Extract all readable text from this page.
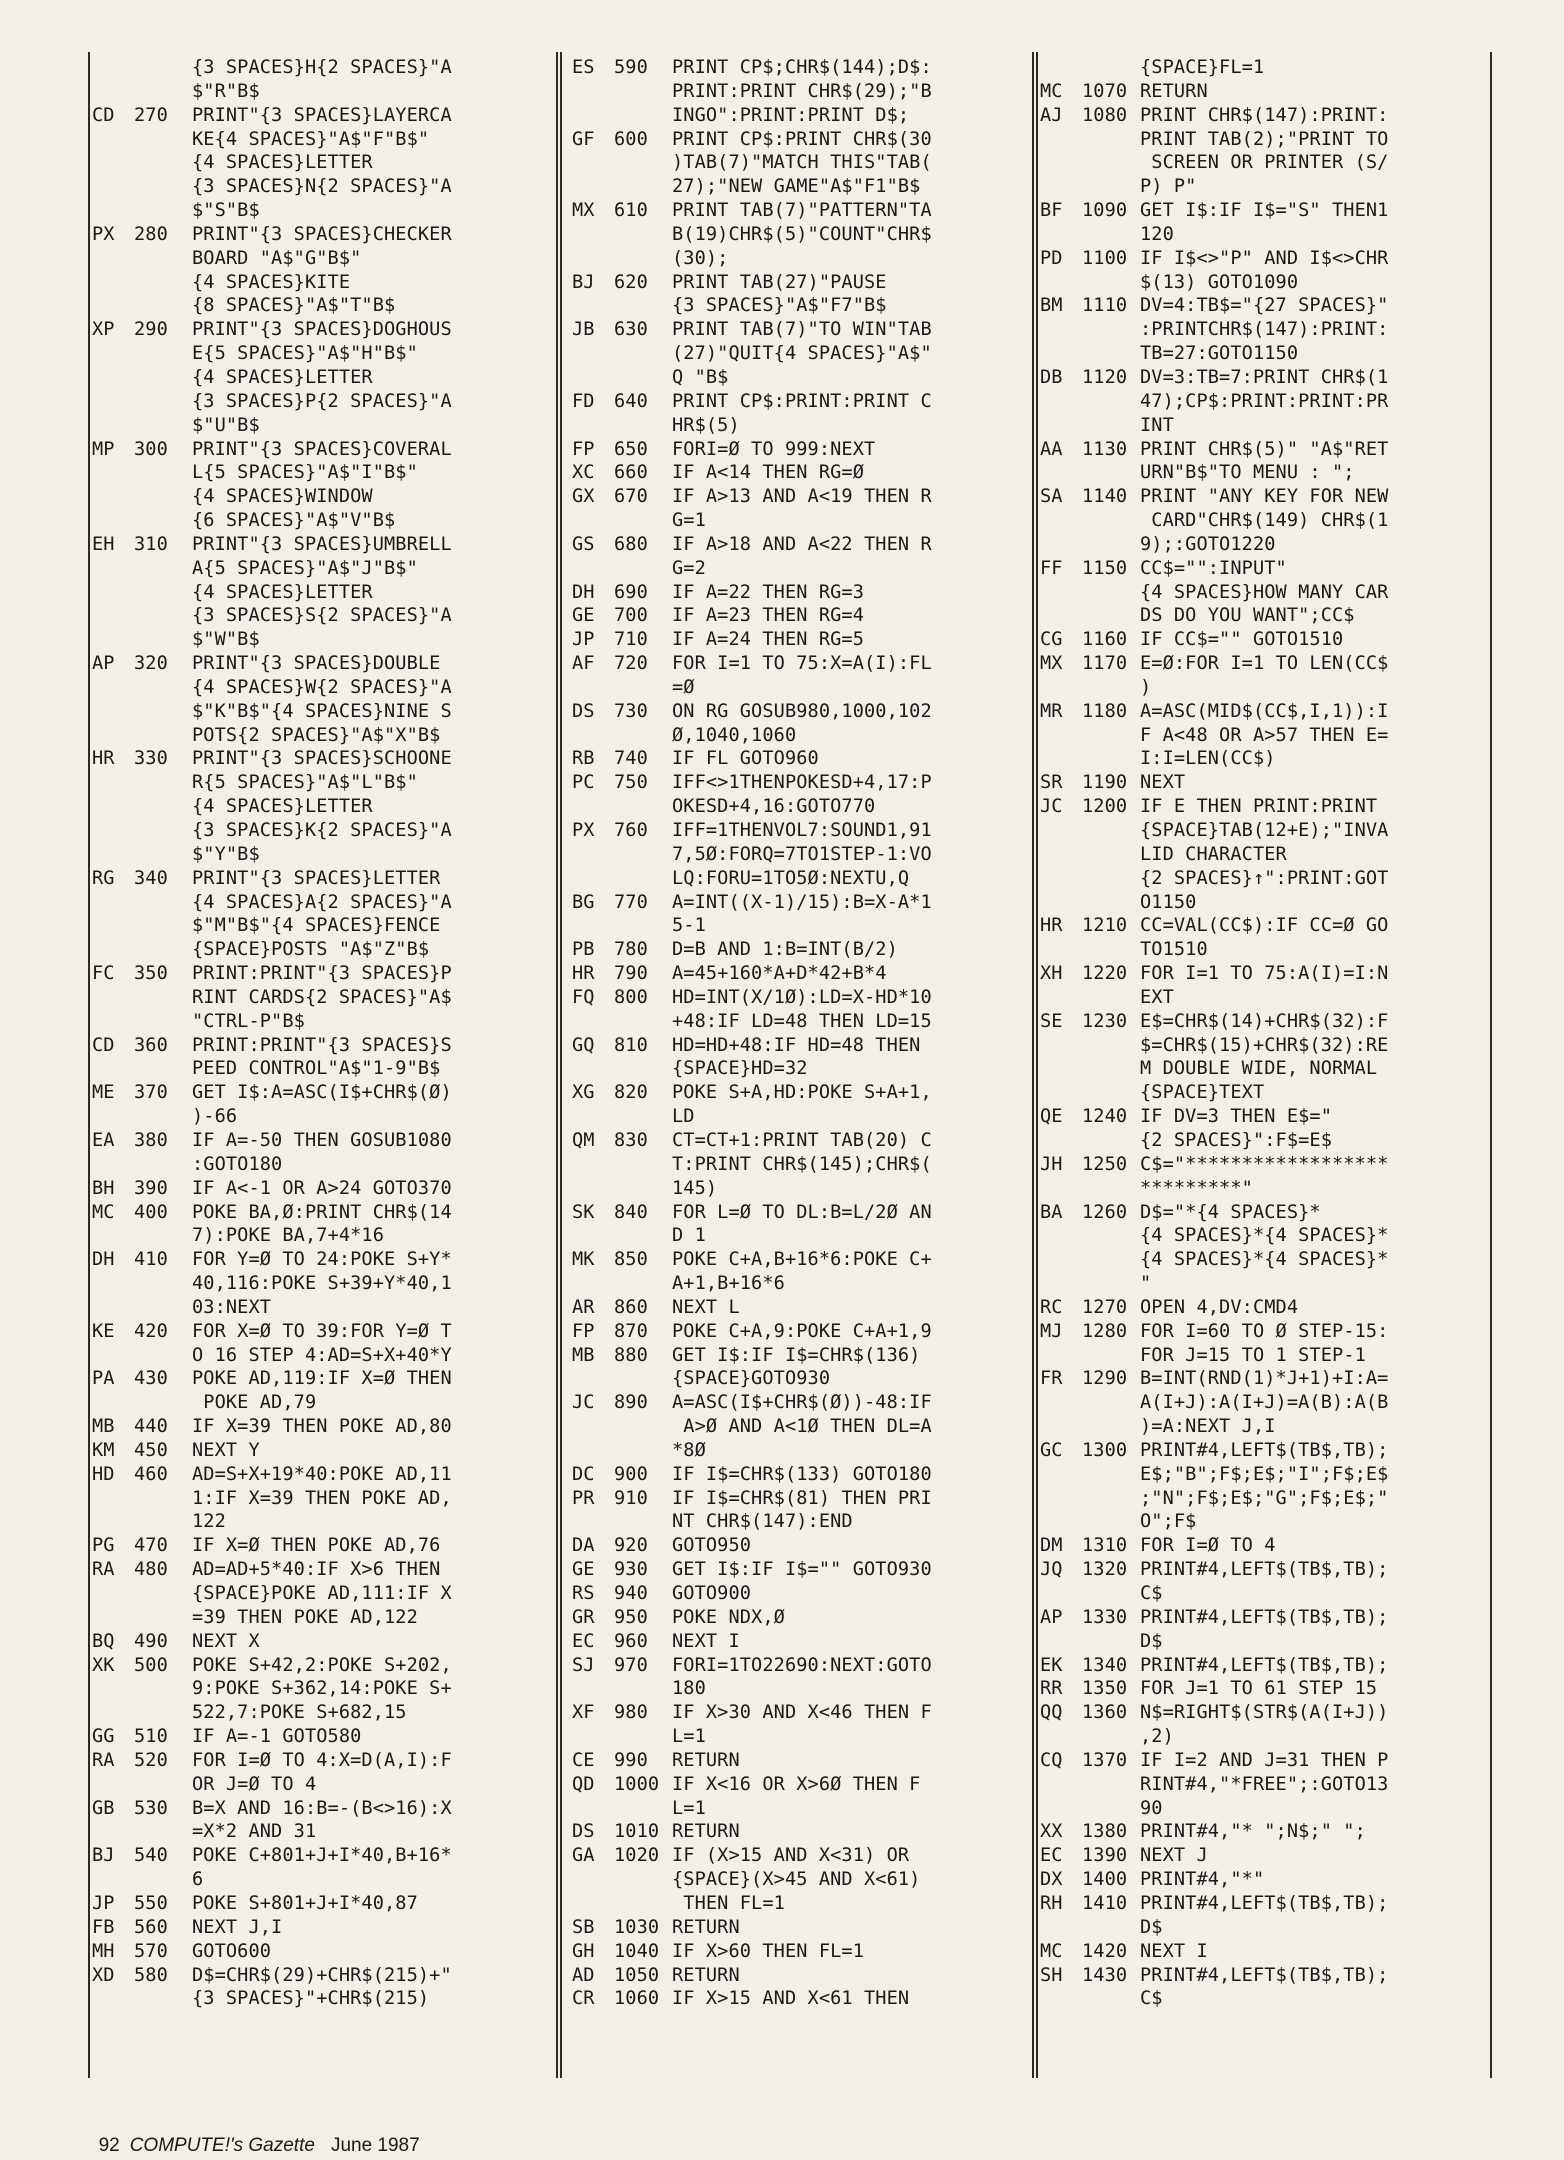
{3 SPACES}H{2 SPACES}"A
$"R"B$
CD	270	PRINT"{3 SPACES}LAYERCA
KE{4 SPACES}"A$"F"B$"
{4 SPACES}LETTER
{3 SPACES}N{2 SPACES}"A
$"S"B$
PX	280	PRINT"{3 SPACES}CHECKER
BOARD "A$"G"B$"
{4 SPACES}KITE
{8 SPACES}"A$"T"B$
XP	290	PRINT"{3 SPACES}DOGHOUS
E{5 SPACES}"A$"H"B$"
{4 SPACES}LETTER
{3 SPACES}P{2 SPACES}"A
$"U"B$
MP	300	PRINT"{3 SPACES}COVERAL
L{5 SPACES}"A$"I"B$"
{4 SPACES}WINDOW
{6 SPACES}"A$"V"B$
EH	310	PRINT"{3 SPACES}UMBRELL
A{5 SPACES}"A$"J"B$"
{4 SPACES}LETTER
{3 SPACES}S{2 SPACES}"A
$"W"B$
AP	320	PRINT"{3 SPACES}DOUBLE
{4 SPACES}W{2 SPACES}"A
$"K"B$"{4 SPACES}NINE S
POTS{2 SPACES}"A$"X"B$
HR	330	PRINT"{3 SPACES}SCHOONE
R{5 SPACES}"A$"L"B$"
{4 SPACES}LETTER
{3 SPACES}K{2 SPACES}"A
$"Y"B$
RG	340	PRINT"{3 SPACES}LETTER
{4 SPACES}A{2 SPACES}"A
$"M"B$"{4 SPACES}FENCE
{SPACE}POSTS "A$"Z"B$
FC	350	PRINT:PRINT"{3 SPACES}P
RINT CARDS{2 SPACES}"A$
"CTRL-P"B$
CD	360	PRINT:PRINT"{3 SPACES}S
PEED CONTROL"A$"1-9"B$
ME	370	GET I$:A=ASC(I$+CHR$(Ø)
)-66
EA	380	IF A=-50 THEN GOSUB1080
:GOTO180
BH	390	IF A<-1 OR A>24 GOTO370
MC	400	POKE BA,Ø:PRINT CHR$(14
7):POKE BA,7+4*16
DH	410	FOR Y=Ø TO 24:POKE S+Y*
40,116:POKE S+39+Y*40,1
03:NEXT
KE	420	FOR X=Ø TO 39:FOR Y=Ø T
O 16 STEP 4:AD=S+X+40*Y
PA	430	POKE AD,119:IF X=Ø THEN
POKE AD,79
MB	440	IF X=39 THEN POKE AD,80
KM	450	NEXT Y
HD	460	AD=S+X+19*40:POKE AD,11
1:IF X=39 THEN POKE AD,
122
PG	470	IF X=Ø THEN POKE AD,76
RA	480	AD=AD+5*40:IF X>6 THEN
{SPACE}POKE AD,111:IF X
=39 THEN POKE AD,122
BQ	490	NEXT X
XK	500	POKE S+42,2:POKE S+202,
9:POKE S+362,14:POKE S+
522,7:POKE S+682,15
GG	510	IF A=-1 GOTO580
RA	520	FOR I=Ø TO 4:X=D(A,I):F
OR J=Ø TO 4
GB	530	B=X AND 16:B=-(B<>16):X
=X*2 AND 31
BJ	540	POKE C+801+J+I*40,B+16*
6
JP	550	POKE S+801+J+I*40,87
FB	560	NEXT J,I
MH	570	GOTO600
XD	580	D$=CHR$(29)+CHR$(215)+"
{3 SPACES}"+CHR$(215)
ES	590	PRINT CP$;CHR$(144);D$:
PRINT:PRINT CHR$(29);"B
INGO":PRINT:PRINT D$;
GF	600	PRINT CP$:PRINT CHR$(30
)TAB(7)"MATCH THIS"TAB(
27);"NEW GAME"A$"F1"B$
MX	610	PRINT TAB(7)"PATTERN"TA
B(19)CHR$(5)"COUNT"CHR$
(30);
BJ	620	PRINT TAB(27)"PAUSE
{3 SPACES}"A$"F7"B$
JB	630	PRINT TAB(7)"TO WIN"TAB
(27)"QUIT{4 SPACES}"A$"
Q "B$
FD	640	PRINT CP$:PRINT:PRINT C
HR$(5)
FP	650	FORI=Ø TO 999:NEXT
XC	660	IF A<14 THEN RG=Ø
GX	670	IF A>13 AND A<19 THEN R
G=1
GS	680	IF A>18 AND A<22 THEN R
G=2
DH	690	IF A=22 THEN RG=3
GE	700	IF A=23 THEN RG=4
JP	710	IF A=24 THEN RG=5
AF	720	FOR I=1 TO 75:X=A(I):FL
=Ø
DS	730	ON RG GOSUB980,1000,102
Ø,1040,1060
RB	740	IF FL GOTO960
PC	750	IFF<>1THENPOKESD+4,17:P
OKESD+4,16:GOTO770
PX	760	IFF=1THENVOL7:SOUND1,91
7,5Ø:FORQ=7TO1STEP-1:VO
LQ:FORU=1TO5Ø:NEXTU,Q
BG	770	A=INT((X-1)/15):B=X-A*1
5-1
PB	780	D=B AND 1:B=INT(B/2)
HR	790	A=45+160*A+D*42+B*4
FQ	800	HD=INT(X/1Ø):LD=X-HD*10
+48:IF LD=48 THEN LD=15
GQ	810	HD=HD+48:IF HD=48 THEN
{SPACE}HD=32
XG	820	POKE S+A,HD:POKE S+A+1,
LD
QM	830	CT=CT+1:PRINT TAB(20) C
T:PRINT CHR$(145);CHR$(
145)
SK	840	FOR L=Ø TO DL:B=L/2Ø AN
D 1
MK	850	POKE C+A,B+16*6:POKE C+
A+1,B+16*6
AR	860	NEXT L
FP	870	POKE C+A,9:POKE C+A+1,9
MB	880	GET I$:IF I$=CHR$(136)
{SPACE}GOTO930
JC	890	A=ASC(I$+CHR$(Ø))-48:IF
A>Ø AND A<1Ø THEN DL=A
*8Ø
DC	900	IF I$=CHR$(133) GOTO180
PR	910	IF I$=CHR$(81) THEN PRI
NT CHR$(147):END
DA	920	GOTO950
GE	930	GET I$:IF I$="" GOTO930
RS	940	GOTO900
GR	950	POKE NDX,Ø
EC	960	NEXT I
SJ	970	FORI=1TO22690:NEXT:GOTO
180
XF	980	IF X>30 AND X<46 THEN F
L=1
CE	990	RETURN
QD	1000 IF X<16 OR X>6Ø THEN F
L=1
DS	1010 RETURN
GA	1020 IF (X>15 AND X<31) OR
{SPACE}(X>45 AND X<61)
THEN FL=1
SB	1030 RETURN
GH	1040 IF X>60 THEN FL=1
AD	1050 RETURN
CR	1060 IF X>15 AND X<61 THEN
{SPACE}FL=1
MC	1070 RETURN
AJ	1080 PRINT CHR$(147):PRINT:
PRINT TAB(2);"PRINT TO
SCREEN OR PRINTER (S/
P) P"
BF	1090 GET I$:IF I$="S" THEN1
120
PD	1100 IF I$<>"P" AND I$<>CHR
$(13) GOTO1090
BM	1110 DV=4:TB$="{27 SPACES}"
:PRINTCHR$(147):PRINT:
TB=27:GOTO1150
DB	1120 DV=3:TB=7:PRINT CHR$(1
47);CP$:PRINT:PRINT:PR
INT
AA	1130 PRINT CHR$(5)" "A$"RET
URN"B$"TO MENU : ";
SA	1140 PRINT "ANY KEY FOR NEW
CARD"CHR$(149) CHR$(1
9);:GOTO1220
FF	1150 CC$="":INPUT"
{4 SPACES}HOW MANY CAR
DS DO YOU WANT";CC$
CG	1160 IF CC$="" GOTO1510
MX	1170 E=Ø:FOR I=1 TO LEN(CC$
)
MR	1180 A=ASC(MID$(CC$,I,1)):I
F A<48 OR A>57 THEN E=
I:I=LEN(CC$)
SR	1190 NEXT
JC	1200 IF E THEN PRINT:PRINT
{SPACE}TAB(12+E);"INVA
LID CHARACTER
{2 SPACES}↑":PRINT:GOT
O1150
HR	1210 CC=VAL(CC$):IF CC=Ø GO
TO1510
XH	1220 FOR I=1 TO 75:A(I)=I:N
EXT
SE	1230 E$=CHR$(14)+CHR$(32):F
$=CHR$(15)+CHR$(32):RE
M DOUBLE WIDE, NORMAL
{SPACE}TEXT
QE	1240 IF DV=3 THEN E$="
{2 SPACES}":F$=E$
JH	1250 C$="******************
*********"
BA	1260 D$="*{4 SPACES}*
{4 SPACES}*{4 SPACES}*
{4 SPACES}*{4 SPACES}*
"
RC	1270 OPEN 4,DV:CMD4
MJ	1280 FOR I=60 TO Ø STEP-15:
FOR J=15 TO 1 STEP-1
FR	1290 B=INT(RND(1)*J+1)+I:A=
A(I+J):A(I+J)=A(B):A(B
)=A:NEXT J,I
GC	1300 PRINT#4,LEFT$(TB$,TB);
E$;"B";F$;E$;"I";F$;E$
;"N";F$;E$;"G";F$;E$;"
O";F$
DM	1310 FOR I=Ø TO 4
JQ	1320 PRINT#4,LEFT$(TB$,TB);
C$
AP	1330 PRINT#4,LEFT$(TB$,TB);
D$
EK	1340 PRINT#4,LEFT$(TB$,TB);
RR	1350 FOR J=1 TO 61 STEP 15
QQ	1360 N$=RIGHT$(STR$(A(I+J))
,2)
CQ	1370 IF I=2 AND J=31 THEN P
RINT#4,"*FREE";:GOTO13
90
XX	1380 PRINT#4,"* ";N$;" ";
EC	1390 NEXT J
DX	1400 PRINT#4,"*"
RH	1410 PRINT#4,LEFT$(TB$,TB);
D$
MC	1420 NEXT I
SH	1430 PRINT#4,LEFT$(TB$,TB);
C$

92 COMPUTE!'s Gazette June 1987
